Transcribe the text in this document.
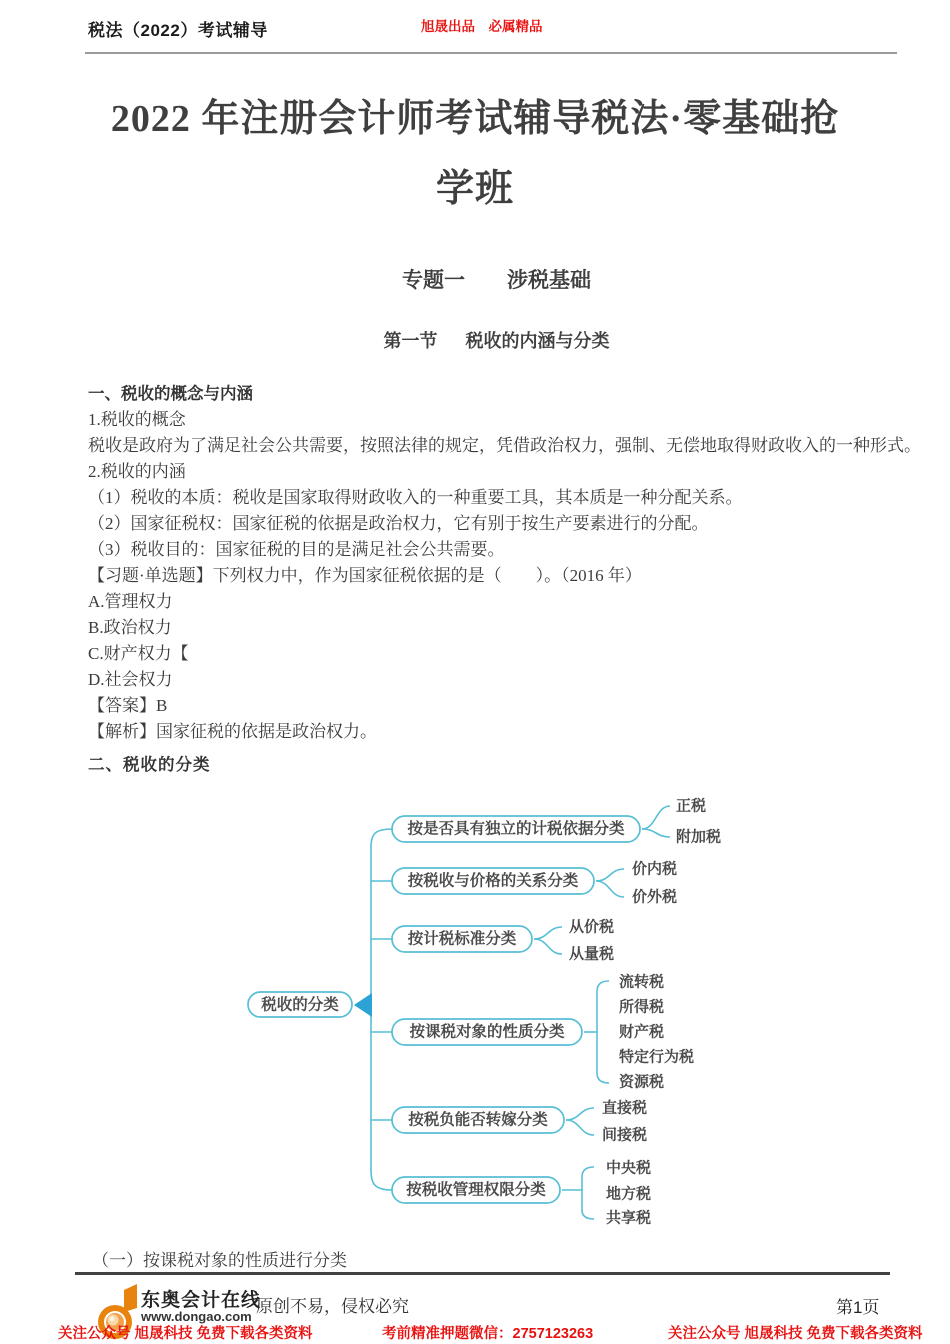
税法（2022）考试辅导	旭晟出品　必属精品
2022 年注册会计师考试辅导税法·零基础抢
学班
专题一 涉税基础
第一节 税收的内涵与分类

一、税收的概念与内涵

1.税收的概念

税收是政府为了满足社会公共需要，按照法律的规定，凭借政治权力，强制、无偿地取得财政收入的一种形式。

2.税收的内涵

（1）税收的本质：税收是国家取得财政收入的一种重要工具，其本质是一种分配关系。

（2）国家征税权：国家征税的依据是政治权力，它有别于按生产要素进行的分配。

（3）税收目的：国家征税的目的是满足社会公共需要。

【习题·单选题】下列权力中，作为国家征税依据的是（　　）。（2016 年）

A.管理权力

B.政治权力

C.财产权力【

D.社会权力

【答案】B

【解析】国家征税的依据是政治权力。

二、税收的分类
税收的分类
按是否具有独立的计税依据分类
正税
附加税
按税收与价格的关系分类
价内税
价外税
按计税标准分类
从价税
从量税
按课税对象的性质分类
流转税
所得税
财产税
特定行为税
资源税
按税负能否转嫁分类
直接税
间接税
按税收管理权限分类
中央税
地方税
共享税
（一）按课税对象的性质进行分类
东奥会计在线
www.dongao.com
原创不易，侵权必究	第1页
关注公众号 旭晟科技 免费下载各类资料	考前精准押题微信：2757123263	关注公众号 旭晟科技 免费下载各类资料
